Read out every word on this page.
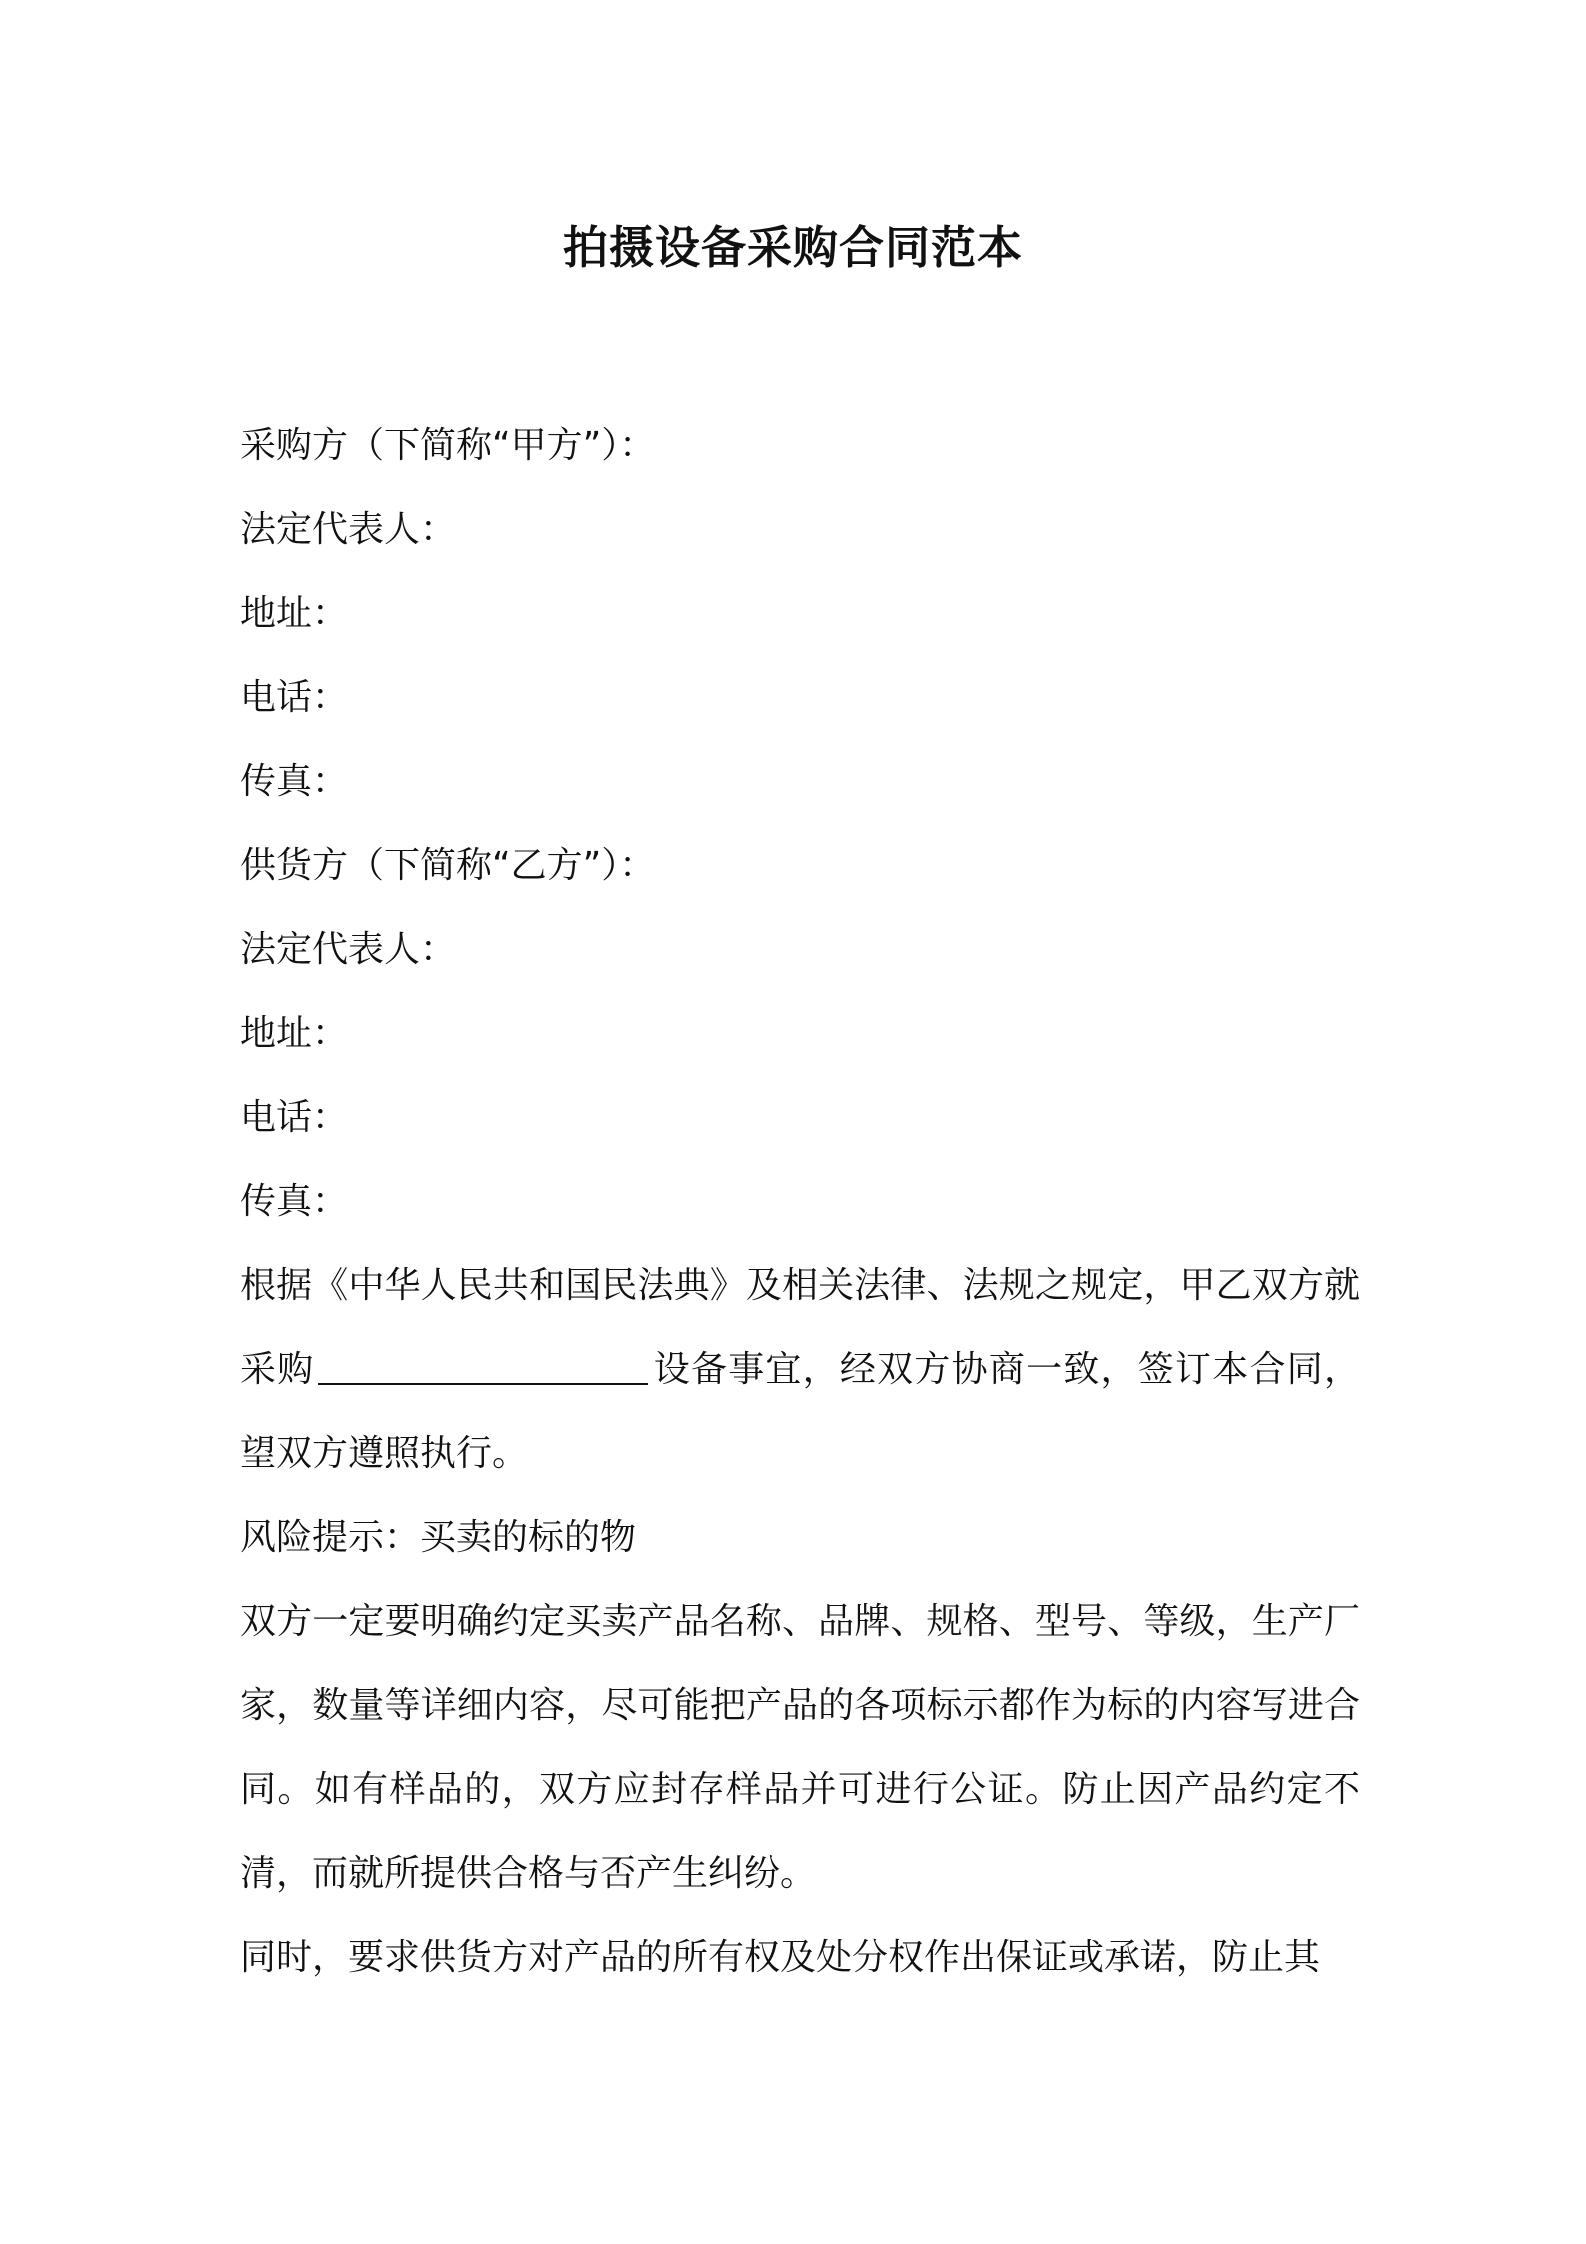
拍摄设备采购合同范本
采购方（下简称“甲方”）：
法定代表人：
地址：
电话：
传真：
供货方（下简称“乙方”）：
法定代表人：
地址：
电话：
传真：
根据《中华人民共和国民法典》及相关法律、法规之规定，甲乙双方就采购	设备事宜，经双方协商一致，签订本合同，望双方遵照执行。
风险提示：买卖的标的物
双方一定要明确约定买卖产品名称、品牌、规格、型号、等级，生产厂家，数量等详细内容，尽可能把产品的各项标示都作为标的内容写进合同。如有样品的，双方应封存样品并可进行公证。防止因产品约定不清，而就所提供合格与否产生纠纷。
同时，要求供货方对产品的所有权及处分权作出保证或承诺，防止其
